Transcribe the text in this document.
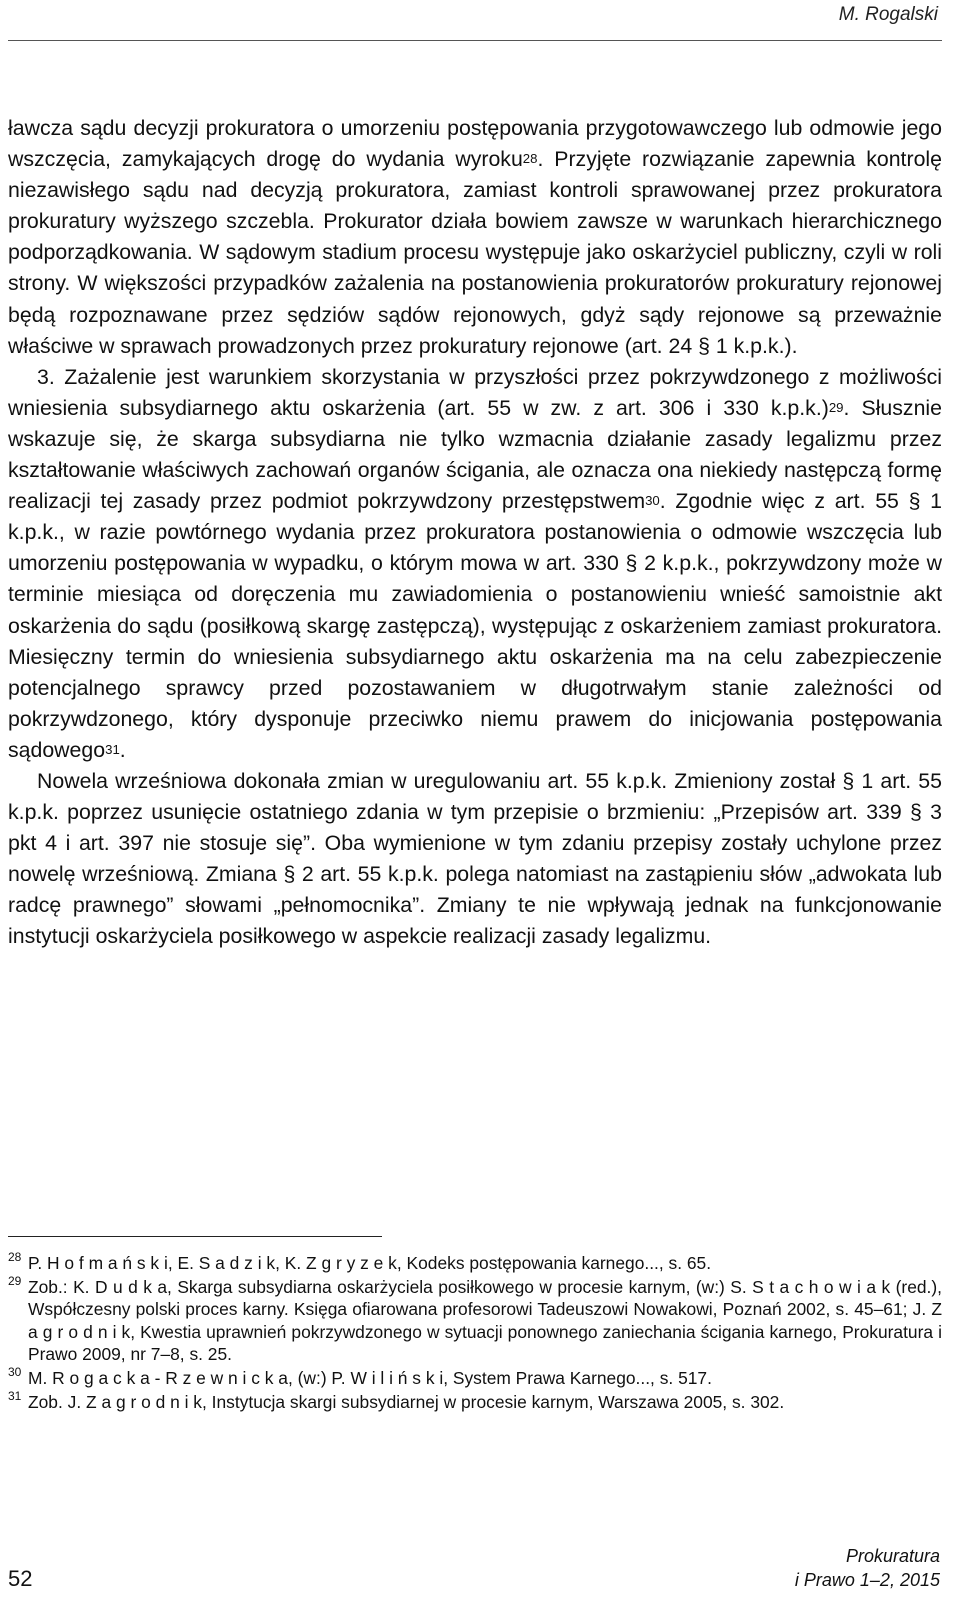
M. Rogalski

ławcza sądu decyzji prokuratora o umorzeniu postępowania przygotowawczego lub odmowie jego wszczęcia, zamykających drogę do wydania wyroku$^{28}$. Przyjęte rozwiązanie zapewnia kontrolę niezawisłego sądu nad decyzją prokuratora, zamiast kontroli sprawowanej przez prokuratora prokuratury wyższego szczebla. Prokurator działa bowiem zawsze w warunkach hierarchicznego podporządkowania. W sądowym stadium procesu występuje jako oskarżyciel publiczny, czyli w roli strony. W większości przypadków zażalenia na postanowienia prokuratorów prokuratury rejonowej będą rozpoznawane przez sędziów sądów rejonowych, gdyż sądy rejonowe są przeważnie właściwe w sprawach prowadzonych przez prokuratury rejonowe (art. 24 § 1 k.p.k.).

3. Zażalenie jest warunkiem skorzystania w przyszłości przez pokrzywdzonego z możliwości wniesienia subsydiarnego aktu oskarżenia (art. 55 w zw. z art. 306 i 330 k.p.k.)$^{29}$. Słusznie wskazuje się, że skarga subsydiarna nie tylko wzmacnia działanie zasady legalizmu przez kształtowanie właściwych zachowań organów ścigania, ale oznacza ona niekiedy następczą formę realizacji tej zasady przez podmiot pokrzywdzony przestępstwem$^{30}$. Zgodnie więc z art. 55 § 1 k.p.k., w razie powtórnego wydania przez prokuratora postanowienia o odmowie wszczęcia lub umorzeniu postępowania w wypadku, o którym mowa w art. 330 § 2 k.p.k., pokrzywdzony może w terminie miesiąca od doręczenia mu zawiadomienia o postanowieniu wnieść samoistnie akt oskarżenia do sądu (posiłkową skargę zastępczą), występując z oskarżeniem zamiast prokuratora. Miesięczny termin do wniesienia subsydiarnego aktu oskarżenia ma na celu zabezpieczenie potencjalnego sprawcy przed pozostawaniem w długotrwałym stanie zależności od pokrzywdzonego, który dysponuje przeciwko niemu prawem do inicjowania postępowania sądowego$^{31}$.

Nowela wrześniowa dokonała zmian w uregulowaniu art. 55 k.p.k. Zmieniony został § 1 art. 55 k.p.k. poprzez usunięcie ostatniego zdania w tym przepisie o brzmieniu: „Przepisów art. 339 § 3 pkt 4 i art. 397 nie stosuje się”. Oba wymienione w tym zdaniu przepisy zostały uchylone przez nowelę wrześniową. Zmiana § 2 art. 55 k.p.k. polega natomiast na zastąpieniu słów „adwokata lub radcę prawnego” słowami „pełnomocnika”. Zmiany te nie wpływają jednak na funkcjonowanie instytucji oskarżyciela posiłkowego w aspekcie realizacji zasady legalizmu.

28 P. H o f m a ń s k i, E. S a d z i k, K. Z g r y z e k, Kodeks postępowania karnego..., s. 65.
29 Zob.: K. D u d k a, Skarga subsydiarna oskarżyciela posiłkowego w procesie karnym, (w:) S. S t a c h o w i a k (red.), Współczesny polski proces karny. Księga ofiarowana profesorowi Tadeuszowi Nowakowi, Poznań 2002, s. 45–61; J. Z a g r o d n i k, Kwestia uprawnień pokrzywdzonego w sytuacji ponownego zaniechania ścigania karnego, Prokuratura i Prawo 2009, nr 7–8, s. 25.
30 M. R o g a c k a - R z e w n i c k a, (w:) P. W i l i ń s k i, System Prawa Karnego..., s. 517.
31 Zob. J. Z a g r o d n i k, Instytucja skargi subsydiarnej w procesie karnym, Warszawa 2005, s. 302.
52
Prokuratura
i Prawo 1–2, 2015
